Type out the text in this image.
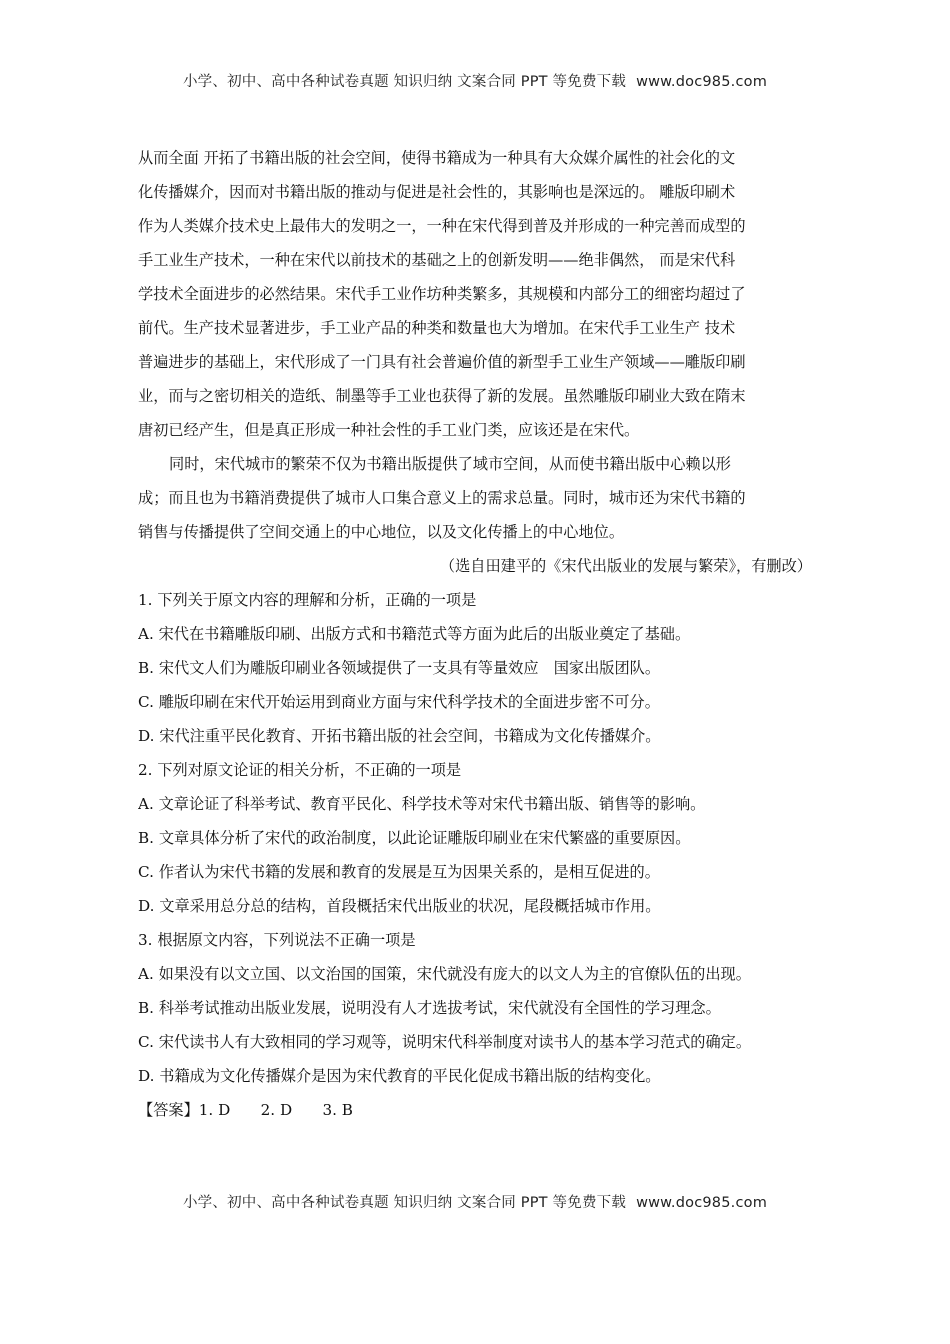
小学、初中、高中各种试卷真题 知识归纳 文案合同 PPT 等免费下载 www.doc985.com
从而全面 开拓了书籍出版的社会空间，使得书籍成为一种具有大众媒介属性的社会化的文
化传播媒介，因而对书籍出版的推动与促进是社会性的，其影响也是深远的。 雕版印刷术
作为人类媒介技术史上最伟大的发明之一，一种在宋代得到普及并形成的一种完善而成型的
手工业生产技术，一种在宋代以前技术的基础之上的创新发明——绝非偶然， 而是宋代科
学技术全面进步的必然结果。宋代手工业作坊种类繁多，其规模和内部分工的细密均超过了
前代。生产技术显著进步，手工业产品的种类和数量也大为增加。在宋代手工业生产 技术
普遍进步的基础上，宋代形成了一门具有社会普遍价值的新型手工业生产领域——雕版印刷
业，而与之密切相关的造纸、制墨等手工业也获得了新的发展。虽然雕版印刷业大致在隋末
唐初已经产生，但是真正形成一种社会性的手工业门类，应该还是在宋代。
同时，宋代城市的繁荣不仅为书籍出版提供了域市空间，从而使书籍出版中心赖以形
成；而且也为书籍消费提供了城市人口集合意义上的需求总量。同时，城市还为宋代书籍的
销售与传播提供了空间交通上的中心地位，以及文化传播上的中心地位。
（选自田建平的《宋代出版业的发展与繁荣》，有删改）
1. 下列关于原文内容的理解和分析，正确的一项是
A. 宋代在书籍雕版印刷、出版方式和书籍范式等方面为此后的出版业奠定了基础。
B. 宋代文人们为雕版印刷业各领域提供了一支具有等量效应　国家出版团队。
C. 雕版印刷在宋代开始运用到商业方面与宋代科学技术的全面进步密不可分。
D. 宋代注重平民化教育、开拓书籍出版的社会空间，书籍成为文化传播媒介。
2. 下列对原文论证的相关分析，不正确的一项是
A. 文章论证了科举考试、教育平民化、科学技术等对宋代书籍出版、销售等的影响。
B. 文章具体分析了宋代的政治制度，以此论证雕版印刷业在宋代繁盛的重要原因。
C. 作者认为宋代书籍的发展和教育的发展是互为因果关系的，是相互促进的。
D. 文章采用总分总的结构，首段概括宋代出版业的状况，尾段概括城市作用。
3. 根据原文内容，下列说法不正确一项是
A. 如果没有以文立国、以文治国的国策，宋代就没有庞大的以文人为主的官僚队伍的出现。
B. 科举考试推动出版业发展，说明没有人才选拔考试，宋代就没有全国性的学习理念。
C. 宋代读书人有大致相同的学习观等，说明宋代科举制度对读书人的基本学习范式的确定。
D. 书籍成为文化传播媒介是因为宋代教育的平民化促成书籍出版的结构变化。
【答案】1. D　　2. D　　3. B
小学、初中、高中各种试卷真题 知识归纳 文案合同 PPT 等免费下载 www.doc985.com
